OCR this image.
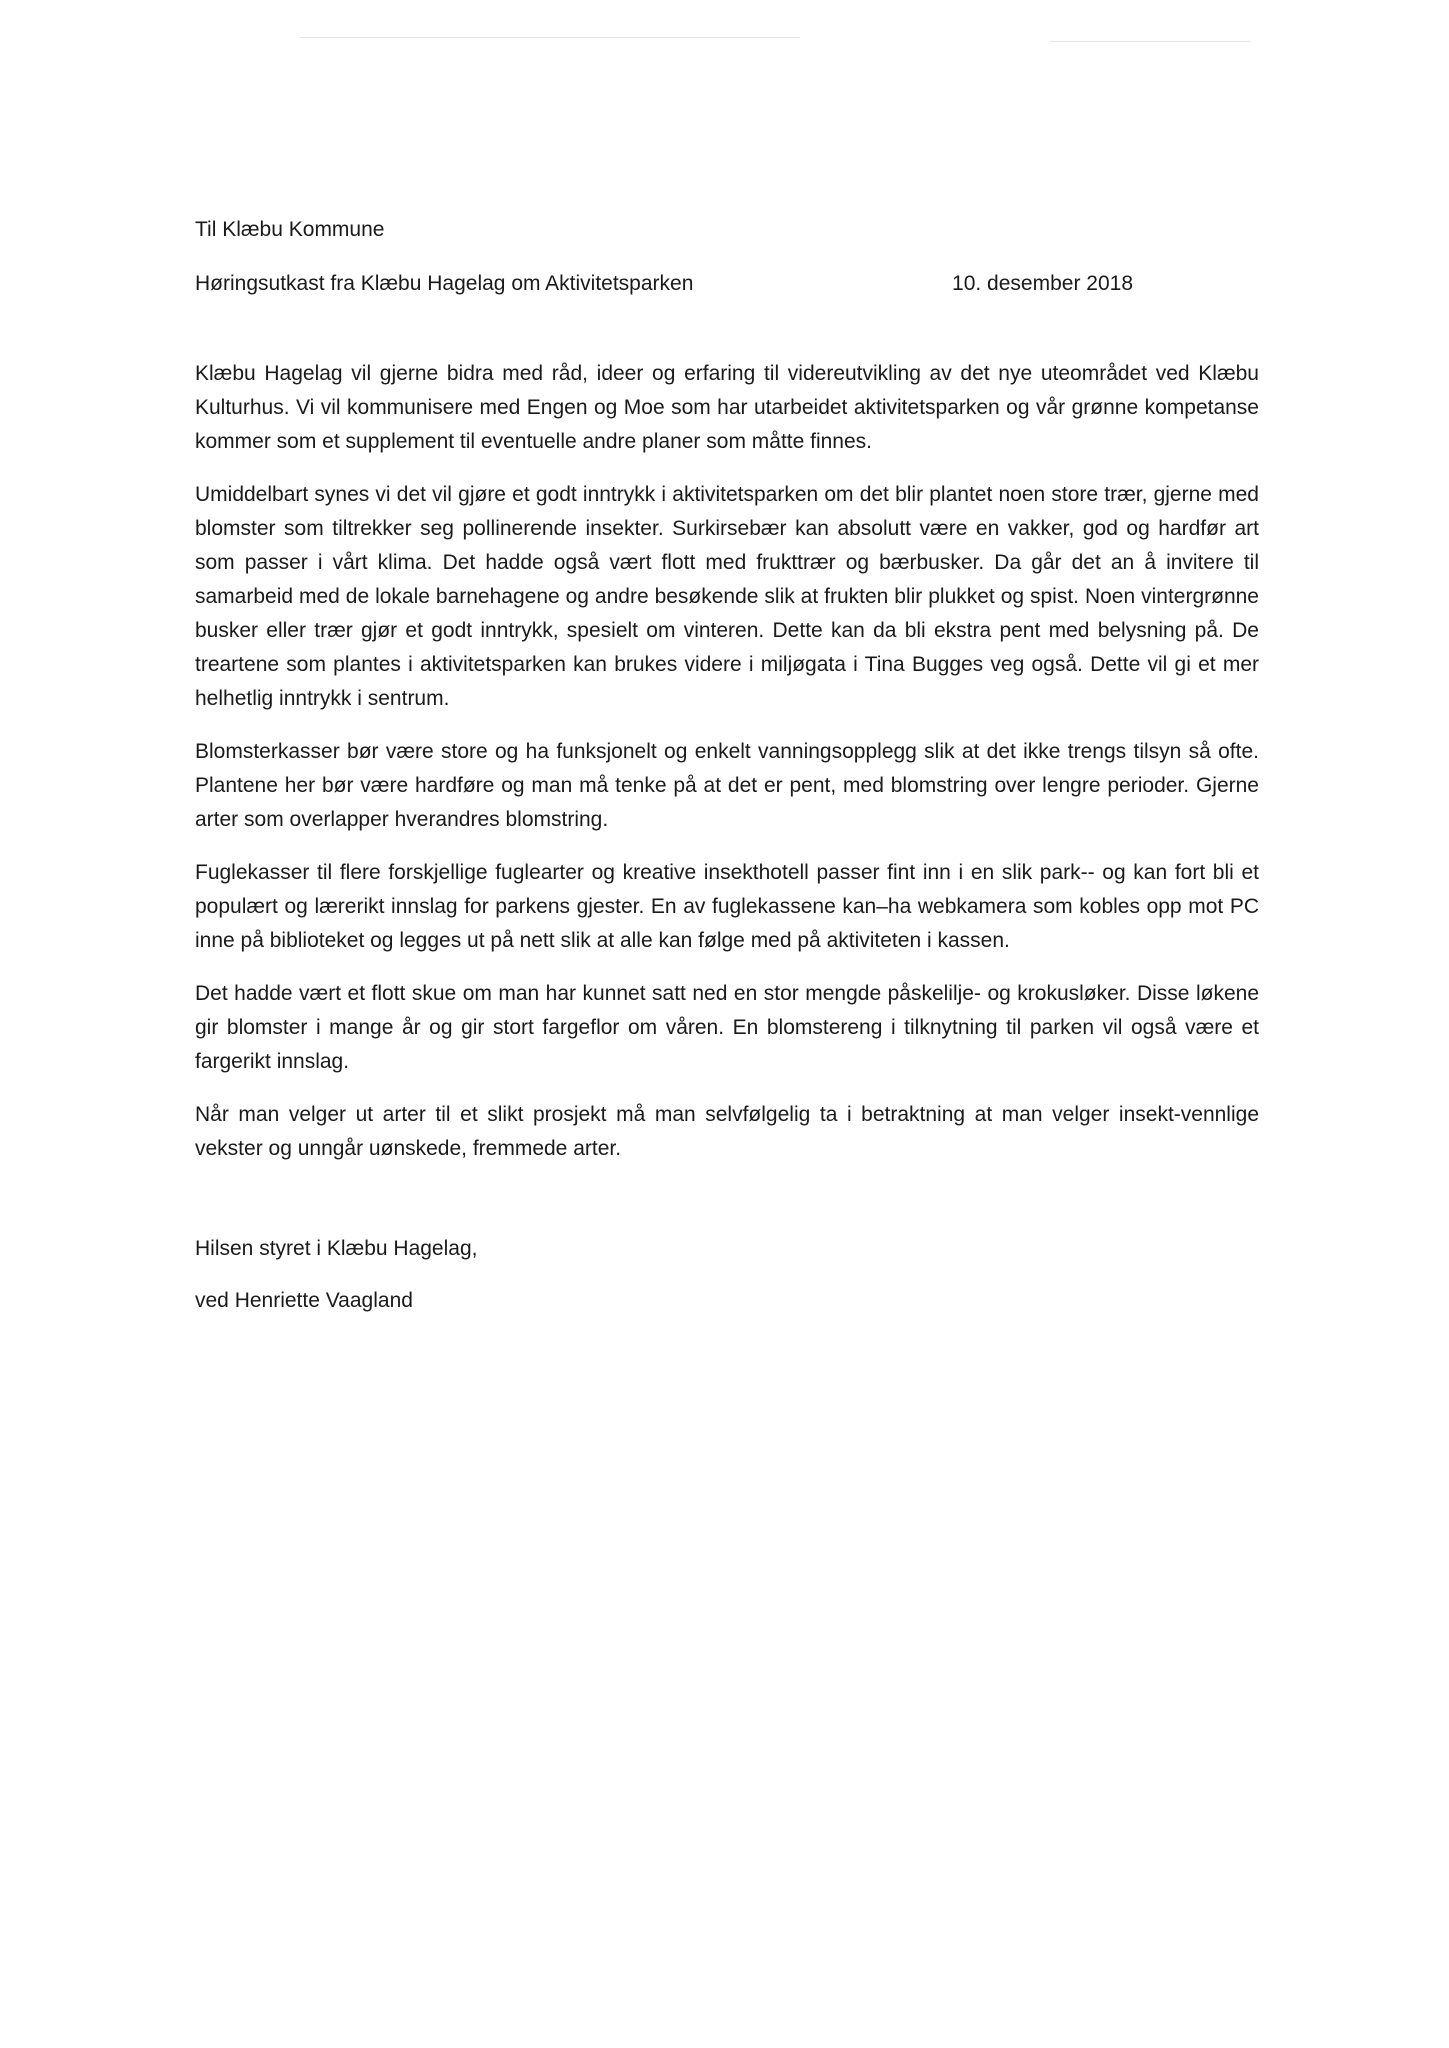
Til Klæbu Kommune

Høringsutkast fra Klæbu Hagelag om Aktivitetsparken	10. desember 2018

Klæbu Hagelag vil gjerne bidra med råd, ideer og erfaring til videreutvikling av det nye uteområdet ved Klæbu Kulturhus. Vi vil kommunisere med Engen og Moe som har utarbeidet aktivitetsparken og vår grønne kompetanse kommer som et supplement til eventuelle andre planer som måtte finnes.

Umiddelbart synes vi det vil gjøre et godt inntrykk i aktivitetsparken om det blir plantet noen store trær, gjerne med blomster som tiltrekker seg pollinerende insekter. Surkirsebær kan absolutt være en vakker, god og hardfør art som passer i vårt klima. Det hadde også vært flott med frukttrær og bærbusker. Da går det an å invitere til samarbeid med de lokale barnehagene og andre besøkende slik at frukten blir plukket og spist. Noen vintergrønne busker eller trær gjør et godt inntrykk, spesielt om vinteren. Dette kan da bli ekstra pent med belysning på. De treartene som plantes i aktivitetsparken kan brukes videre i miljøgata i Tina Bugges veg også. Dette vil gi et mer helhetlig inntrykk i sentrum.

Blomsterkasser bør være store og ha funksjonelt og enkelt vanningsopplegg slik at det ikke trengs tilsyn så ofte. Plantene her bør være hardføre og man må tenke på at det er pent, med blomstring over lengre perioder. Gjerne arter som overlapper hverandres blomstring.

Fuglekasser til flere forskjellige fuglearter og kreative insekthotell passer fint inn i en slik park-- og kan fort bli et populært og lærerikt innslag for parkens gjester. En av fuglekassene kan–ha webkamera som kobles opp mot PC inne på biblioteket og legges ut på nett slik at alle kan følge med på aktiviteten i kassen.

Det hadde vært et flott skue om man har kunnet satt ned en stor mengde påskelilje- og krokusløker. Disse løkene gir blomster i mange år og gir stort fargeflor om våren. En blomstereng i tilknytning til parken vil også være et fargerikt innslag.

Når man velger ut arter til et slikt prosjekt må man selvfølgelig ta i betraktning at man velger insekt-vennlige vekster og unngår uønskede, fremmede arter.

Hilsen styret i Klæbu Hagelag,

ved Henriette Vaagland
